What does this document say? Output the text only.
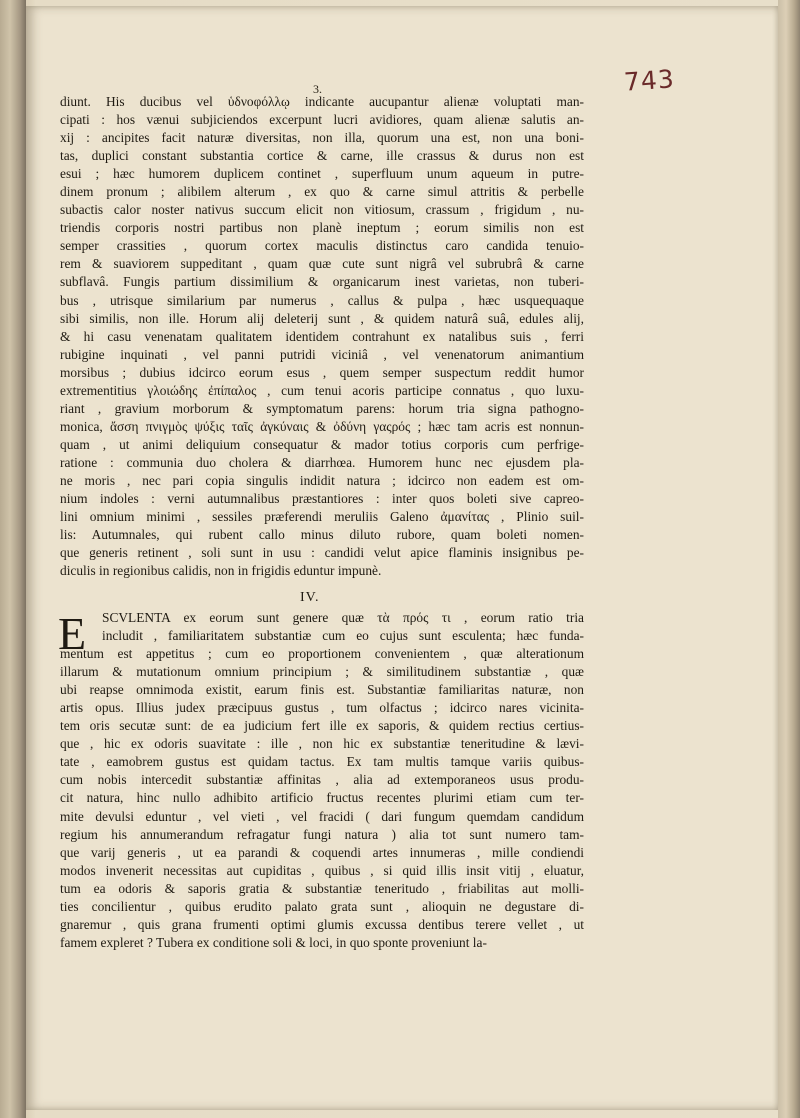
743
3.
diunt. His ducibus vel ὑδνοφόλλῳ indicante aucupantur alienæ voluptati man-
cipati : hos vænui subjiciendos excerpunt lucri avidiores, quam alienæ salutis an-
xij : ancipites facit naturæ diversitas, non illa, quorum una est, non una boni-
tas, duplici constant substantia cortice & carne, ille crassus & durus non est
esui ; hæc humorem duplicem continet , superfluum unum aqueum in putre-
dinem pronum ; alibilem alterum , ex quo & carne simul attritis & perbelle
subactis calor noster nativus succum elicit non vitiosum, crassum , frigidum , nu-
triendis corporis nostri partibus non planè ineptum ; eorum similis non est
semper crassities , quorum cortex maculis distinctus caro candida tenuio-
rem & suaviorem suppeditant , quam quæ cute sunt nigrâ vel subrubrâ & carne
subflavâ. Fungis partium dissimilium & organicarum inest varietas, non tuberi-
bus , utrisque similarium par numerus , callus & pulpa , hæc usquequaque
sibi similis, non ille. Horum alij deleterij sunt , & quidem naturâ suâ, edules alij,
& hi casu venenatam qualitatem identidem contrahunt ex natalibus suis , ferri
rubigine inquinati , vel panni putridi viciniâ , vel venenatorum animantium
morsibus ; dubius idcirco eorum esus , quem semper suspectum reddit humor
extrementitius γλοιώδης ἐπίπαλος , cum tenui acoris participe connatus , quo luxu-
riant , gravium morborum & symptomatum parens: horum tria signa pathogno-
monica, ἄσση πνιγμὸς ψύξις ταῖς ἀγκύναις & ὀδύνη γαςρός ; hæc tam acris est nonnun-
quam , ut animi deliquium consequatur & mador totius corporis cum perfrige-
ratione : communia duo cholera & diarrhœa. Humorem hunc nec ejusdem pla-
ne moris , nec pari copia singulis indidit natura ; idcirco non eadem est om-
nium indoles : verni autumnalibus præstantiores : inter quos boleti sive capreo-
lini omnium minimi , sessiles præferendi meruliis Galeno ἀμανίτας , Plinio suil-
lis: Autumnales, qui rubent callo minus diluto rubore, quam boleti nomen-
que generis retinent , soli sunt in usu : candidi velut apice flaminis insignibus pe-
diculis in regionibus calidis, non in frigidis eduntur impunè.
IV.
E	SCVLENTA ex eorum sunt genere quæ τὰ πρός τι , eorum ratio tria
includit , familiaritatem substantiæ cum eo cujus sunt esculenta; hæc funda-
mentum est appetitus ; cum eo proportionem convenientem , quæ alterationum
illarum & mutationum omnium principium ; & similitudinem substantiæ , quæ
ubi reapse omnimoda existit, earum finis est. Substantiæ familiaritas naturæ, non
artis opus. Illius judex præcipuus gustus , tum olfactus ; idcirco nares vicinita-
tem oris secutæ sunt: de ea judicium fert ille ex saporis, & quidem rectius certius-
que , hic ex odoris suavitate : ille , non hic ex substantiæ teneritudine & lævi-
tate , eamobrem gustus est quidam tactus. Ex tam multis tamque variis quibus-
cum nobis intercedit substantiæ affinitas , alia ad extemporaneos usus produ-
cit natura, hinc nullo adhibito artificio fructus recentes plurimi etiam cum ter-
mite devulsi eduntur , vel vieti , vel fracidi ( dari fungum quemdam candidum
regium his annumerandum refragatur fungi natura ) alia tot sunt numero tam-
que varij generis , ut ea parandi & coquendi artes innumeras , mille condiendi
modos invenerit necessitas aut cupiditas , quibus , si quid illis insit vitij , eluatur,
tum ea odoris & saporis gratia & substantiæ teneritudo , friabilitas aut molli-
ties concilientur , quibus erudito palato grata sunt , alioquin ne degustare di-
gnaremur , quis grana frumenti optimi glumis excussa dentibus terere vellet , ut
famem expleret ? Tubera ex conditione soli & loci, in quo sponte proveniunt la-
